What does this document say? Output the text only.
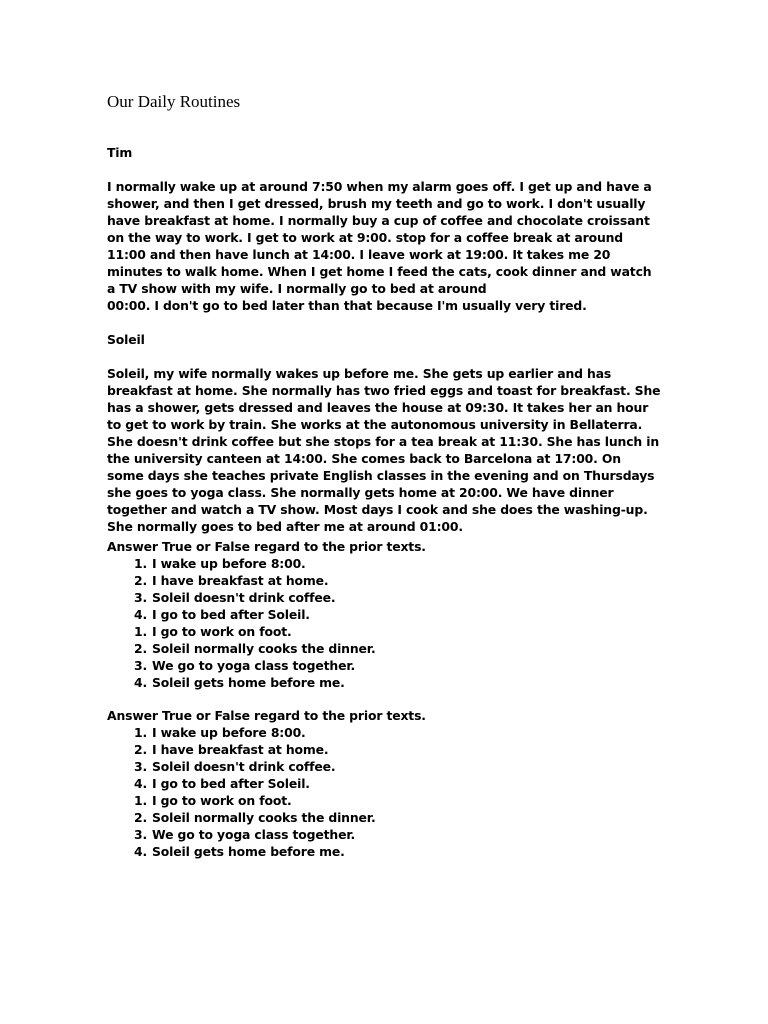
Our Daily Routines
Tim
I normally wake up at around 7:50 when my alarm goes off. I get up and have a
shower, and then I get dressed, brush my teeth and go to work. I don't usually
have breakfast at home. I normally buy a cup of coffee and chocolate croissant
on the way to work. I get to work at 9:00. stop for a coffee break at around
11:00 and then have lunch at 14:00. I leave work at 19:00. It takes me 20
minutes to walk home. When I get home I feed the cats, cook dinner and watch
a TV show with my wife. I normally go to bed at around
00:00. I don't go to bed later than that because I'm usually very tired.
Soleil
Soleil, my wife normally wakes up before me. She gets up earlier and has
breakfast at home. She normally has two fried eggs and toast for breakfast. She
has a shower, gets dressed and leaves the house at 09:30. It takes her an hour
to get to work by train. She works at the autonomous university in Bellaterra.
She doesn't drink coffee but she stops for a tea break at 11:30. She has lunch in
the university canteen at 14:00. She comes back to Barcelona at 17:00. On
some days she teaches private English classes in the evening and on Thursdays
she goes to yoga class. She normally gets home at 20:00. We have dinner
together and watch a TV show. Most days I cook and she does the washing-up.
She normally goes to bed after me at around 01:00.

Answer True or False regard to the prior texts.

1. I wake up before 8:00.
2. I have breakfast at home.
3. Soleil doesn't drink coffee.
4. I go to bed after Soleil.
1. I go to work on foot.
2. Soleil normally cooks the dinner.
3. We go to yoga class together.
4. Soleil gets home before me.

Answer True or False regard to the prior texts.

1. I wake up before 8:00.
2. I have breakfast at home.
3. Soleil doesn't drink coffee.
4. I go to bed after Soleil.
1. I go to work on foot.
2. Soleil normally cooks the dinner.
3. We go to yoga class together.
4. Soleil gets home before me.
